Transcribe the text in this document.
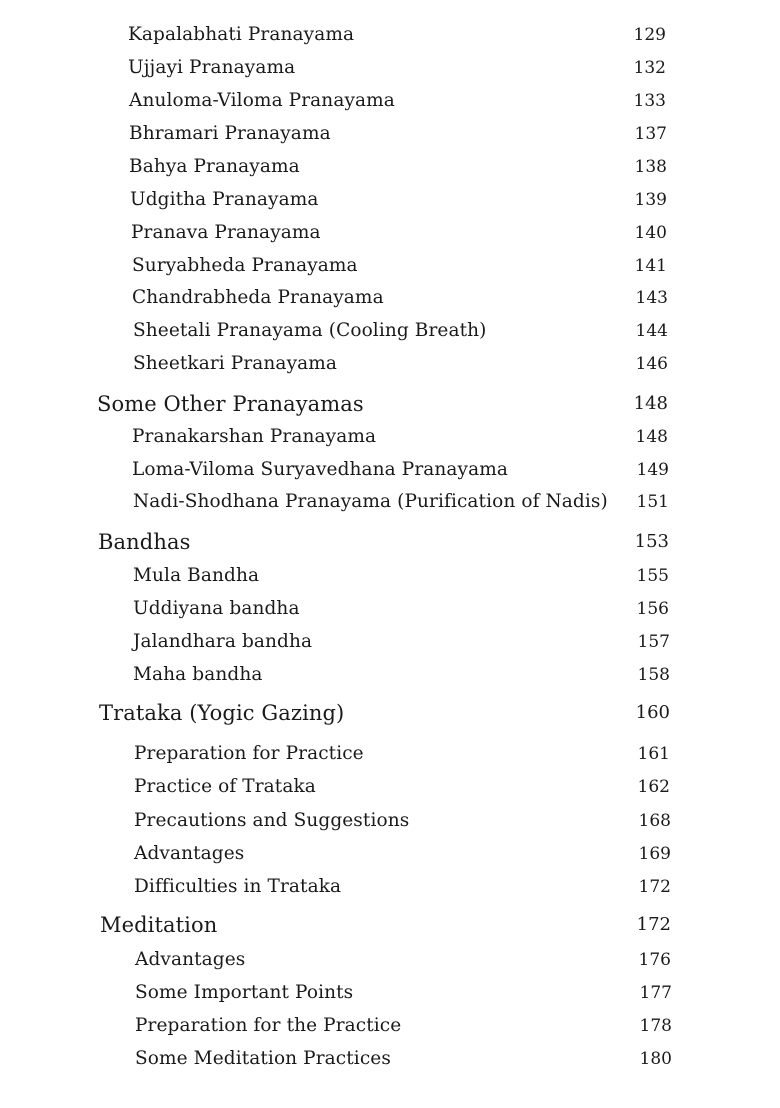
Kapalabhati Pranayama	129
Ujjayi Pranayama	132
Anuloma-Viloma Pranayama	133
Bhramari Pranayama	137
Bahya Pranayama	138
Udgitha Pranayama	139
Pranava Pranayama	140
Suryabheda Pranayama	141
Chandrabheda Pranayama	143
Sheetali Pranayama (Cooling Breath)	144
Sheetkari Pranayama	146
Some Other Pranayamas	148
Pranakarshan Pranayama	148
Loma-Viloma Suryavedhana Pranayama	149
Nadi-Shodhana Pranayama (Purification of Nadis) 151
Bandhas	153
Mula Bandha	155
Uddiyana bandha	156
Jalandhara bandha	157
Maha bandha	158
Trataka (Yogic Gazing)	160
Preparation for Practice	161
Practice of Trataka	162
Precautions and Suggestions	168
Advantages	169
Difficulties in Trataka	172
Meditation	172
Advantages	176
Some Important Points	177
Preparation for the Practice	178
Some Meditation Practices	180
